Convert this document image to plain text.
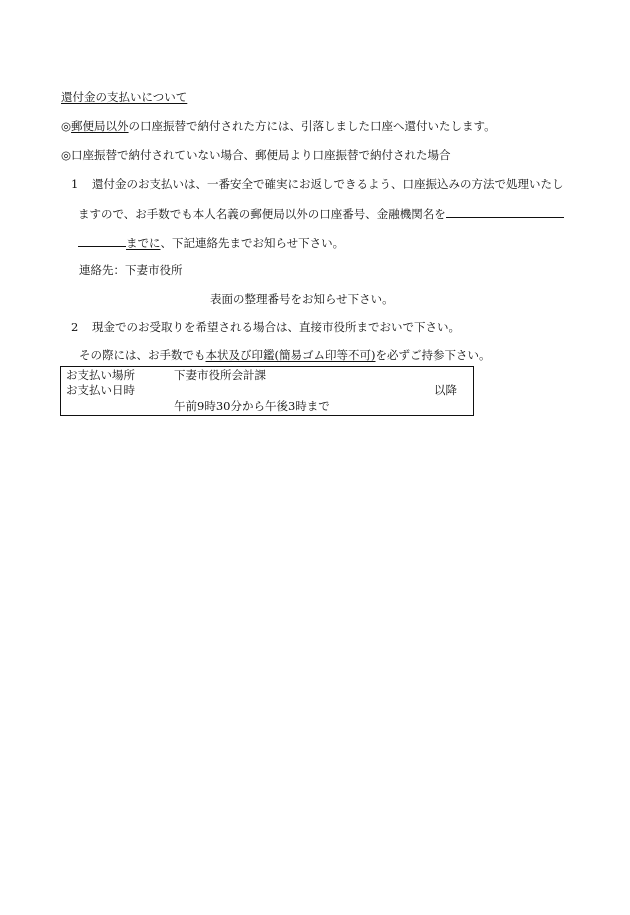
還付金の支払いについて
◎郵便局以外の口座振替で納付された方には、引落しました口座へ還付いたします。
◎口座振替で納付されていない場合、郵便局より口座振替で納付された場合
1 還付金のお支払いは、一番安全で確実にお返しできるよう、口座振込みの方法で処理いたし
ますので、お手数でも本人名義の郵便局以外の口座番号、金融機関名を
までに、下記連絡先までお知らせ下さい。
連絡先：下妻市役所
表面の整理番号をお知らせ下さい。
2 現金でのお受取りを希望される場合は、直接市役所までおいで下さい。
その際には、お手数でも本状及び印鑑(簡易ゴム印等不可)を必ずご持参下さい。
お支払い場所	下妻市役所会計課
お支払い日時	以降
午前9時30分から午後3時まで
